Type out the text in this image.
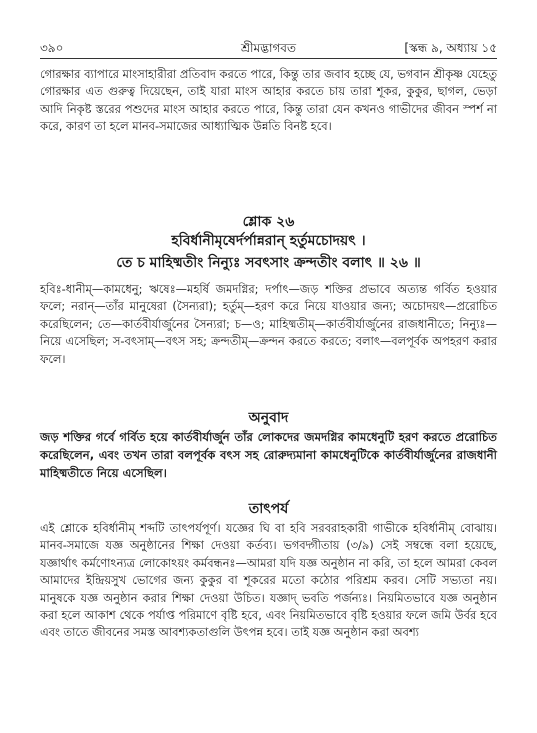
৩৯০	শ্রীমদ্ভাগবত	[স্কন্ধ ৯, অধ্যায় ১৫
গোরক্ষার ব্যাপারে মাংসাহারীরা প্রতিবাদ করতে পারে, কিন্তু তার জবাব হচ্ছে যে, ভগবান শ্রীকৃষ্ণ যেহেতু গোরক্ষার এত গুরুত্ব দিয়েছেন, তাই যারা মাংস আহার করতে চায় তারা শূকর, কুকুর, ছাগল, ভেড়া আদি নিকৃষ্ট স্তরের পশুদের মাংস আহার করতে পারে, কিন্তু তারা যেন কখনও গাভীদের জীবন স্পর্শ না করে, কারণ তা হলে মানব-সমাজের আধ্যাত্মিক উন্নতি বিনষ্ট হবে।
শ্লোক ২৬
হবির্ধানীমৃষের্দর্পান্নরান্ হর্তুমচোদয়ৎ ।
তে চ মাহিষ্মতীং নিন্যুঃ সবৎসাং ক্রন্দতীং বলাৎ ॥ ২৬ ॥
হবিঃ-ধানীম্—কামধেনু; ঋষেঃ—মহর্ষি জমদগ্নির; দর্পাৎ—জড় শক্তির প্রভাবে অত্যন্ত গর্বিত হওয়ার ফলে; নরান্—তাঁর মানুষেরা (সৈন্যরা); হর্তুম্—হরণ করে নিয়ে যাওয়ার জন্য; অচোদয়ৎ—প্ররোচিত করেছিলেন; তে—কার্তবীর্যার্জুনের সৈন্যরা; চ—ও; মাহিষ্মতীম্—কার্তবীর্যার্জুনের রাজধানীতে; নিন্যুঃ—নিয়ে এসেছিল; স-বৎসাম্—বৎস সহ; ক্রন্দতীম্—ক্রন্দন করতে করতে; বলাৎ—বলপূর্বক অপহরণ করার ফলে।
অনুবাদ
জড় শক্তির গর্বে গর্বিত হয়ে কার্তবীর্যার্জুন তাঁর লোকদের জমদগ্নির কামধেনুটি হরণ করতে প্ররোচিত করেছিলেন, এবং তখন তারা বলপূর্বক বৎস সহ রোরুদ্যমানা কামধেনুটিকে কার্তবীর্যার্জুনের রাজধানী মাহিষ্মতীতে নিয়ে এসেছিল।
তাৎপর্য
এই শ্লোকে হবির্ধানীম্ শব্দটি তাৎপর্যপূর্ণ। যজ্ঞের ঘি বা হবি সরবরাহকারী গাভীকে হবির্ধানীম্ বোঝায়। মানব-সমাজে যজ্ঞ অনুষ্ঠানের শিক্ষা দেওয়া কর্তব্য। ভগবদ্গীতায় (৩/৯) সেই সম্বন্ধে বলা হয়েছে, যজ্ঞার্থাৎ কর্মণোঽন্যত্র লোকোঽয়ং কর্মবন্ধনঃ—আমরা যদি যজ্ঞ অনুষ্ঠান না করি, তা হলে আমরা কেবল আমাদের ইন্দ্রিয়সুখ ভোগের জন্য কুকুর বা শূকরের মতো কঠোর পরিশ্রম করব। সেটি সভ্যতা নয়। মানুষকে যজ্ঞ অনুষ্ঠান করার শিক্ষা দেওয়া উচিত। যজ্ঞাদ্ ভবতি পর্জন্যঃ। নিয়মিতভাবে যজ্ঞ অনুষ্ঠান করা হলে আকাশ থেকে পর্যাপ্ত পরিমাণে বৃষ্টি হবে, এবং নিয়মিতভাবে বৃষ্টি হওয়ার ফলে জমি উর্বর হবে এবং তাতে জীবনের সমস্ত আবশ্যকতাগুলি উৎপন্ন হবে। তাই যজ্ঞ অনুষ্ঠান করা অবশ্য
